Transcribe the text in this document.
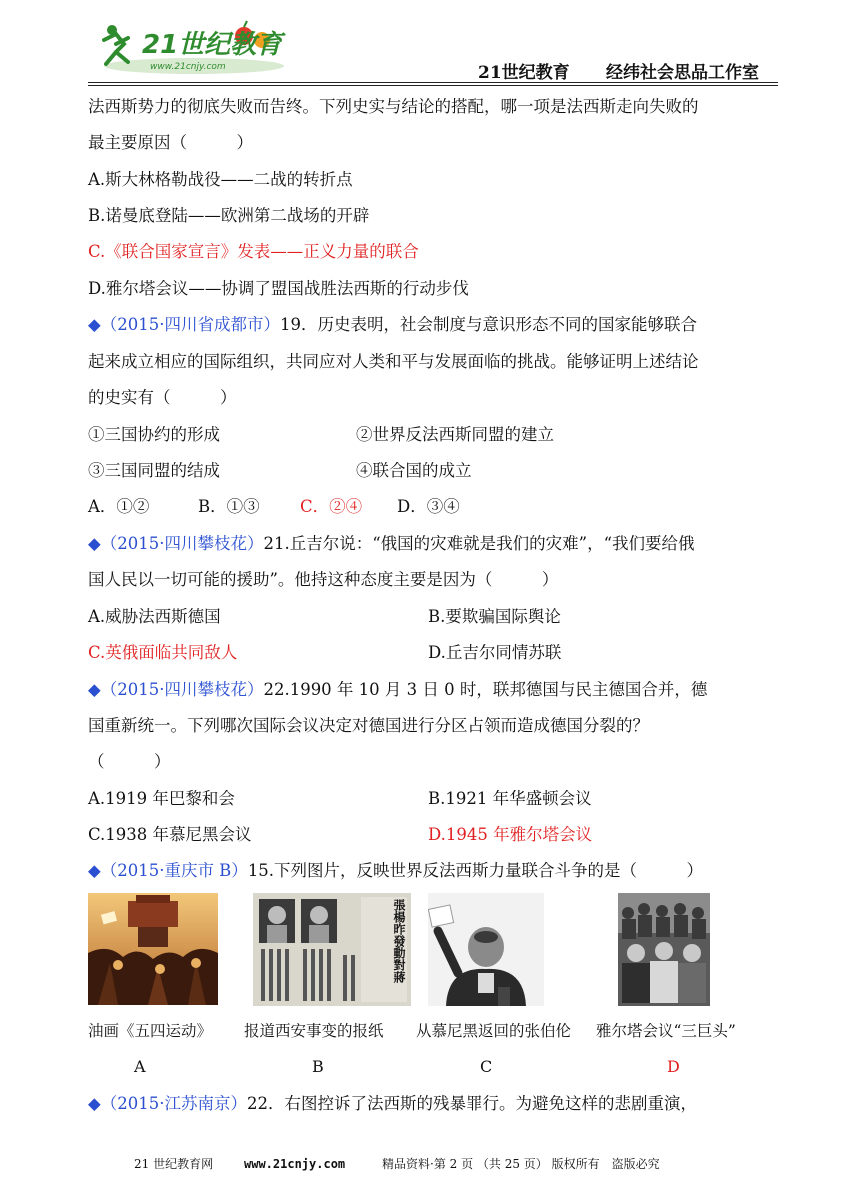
21世纪教育
www.21cnjy.com	21世纪教育 经纬社会思品工作室
法西斯势力的彻底失败而告终。下列史实与结论的搭配，哪一项是法西斯走向失败的
最主要原因（　　　）
A.斯大林格勒战役——二战的转折点
B.诺曼底登陆——欧洲第二战场的开辟
C.《联合国家宣言》发表——正义力量的联合
D.雅尔塔会议——协调了盟国战胜法西斯的行动步伐
◆（2015·四川省成都市）19．历史表明，社会制度与意识形态不同的国家能够联合
起来成立相应的国际组织，共同应对人类和平与发展面临的挑战。能够证明上述结论
的史实有（　　　）
①三国协约的形成	②世界反法西斯同盟的建立
③三国同盟的结成	④联合国的成立
A．①②	B．①③ C．②④ D．③④
◆（2015·四川攀枝花）21.丘吉尔说：“俄国的灾难就是我们的灾难”，“我们要给俄
国人民以一切可能的援助”。他持这种态度主要是因为（　　　）
A.威胁法西斯德国	B.要欺骗国际舆论
C.英俄面临共同敌人	D.丘吉尔同情苏联
◆（2015·四川攀枝花）22.1990 年 10 月 3 日 0 时，联邦德国与民主德国合并，德
国重新统一。下列哪次国际会议决定对德国进行分区占领而造成德国分裂的？
（　　　）
A.1919 年巴黎和会	B.1921 年华盛顿会议
C.1938 年慕尼黑会议	D.1945 年雅尔塔会议
◆（2015·重庆市 B）15.下列图片，反映世界反法西斯力量联合斗争的是（　　　）
張楊昨發動對蔣
油画《五四运动》 报道西安事变的报纸 从慕尼黑返回的张伯伦 雅尔塔会议“三巨头”
A	B	C	D
◆（2015·江苏南京）22．右图控诉了法西斯的残暴罪行。为避免这样的悲剧重演，
21 世纪教育网	www.21cnjy.com	精品资料·第 2 页 （共 25 页） 版权所有　盗版必究
